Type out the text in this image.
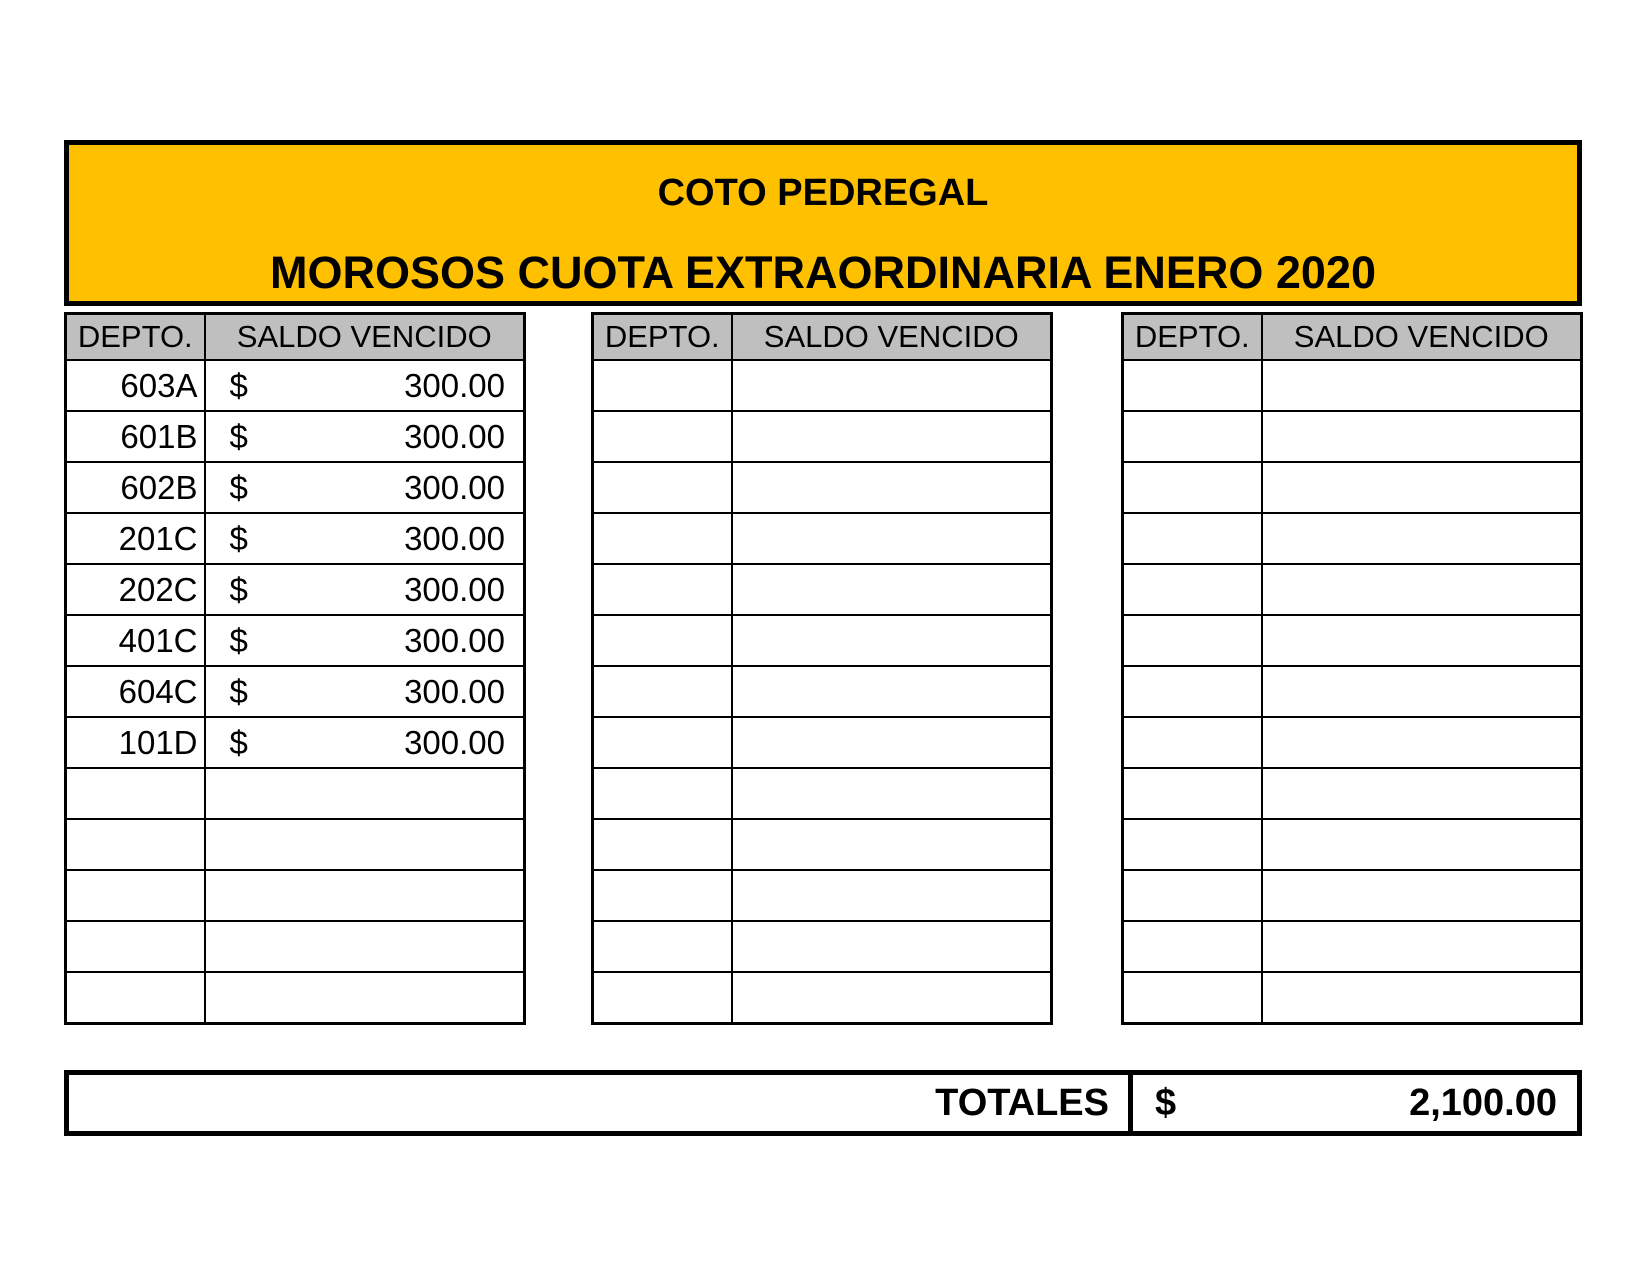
COTO PEDREGAL
MOROSOS CUOTA EXTRAORDINARIA ENERO 2020
DEPTO.	SALDO VENCIDO
603A	$ 300.00

601B	$ 300.00

602B	$ 300.00

201C	$ 300.00

202C	$ 300.00

401C	$ 300.00

604C	$ 300.00

101D	$ 300.00

DEPTO.	SALDO VENCIDO

		DEPTO.	SALDO VENCIDO

TOTALES $	2,100.00
